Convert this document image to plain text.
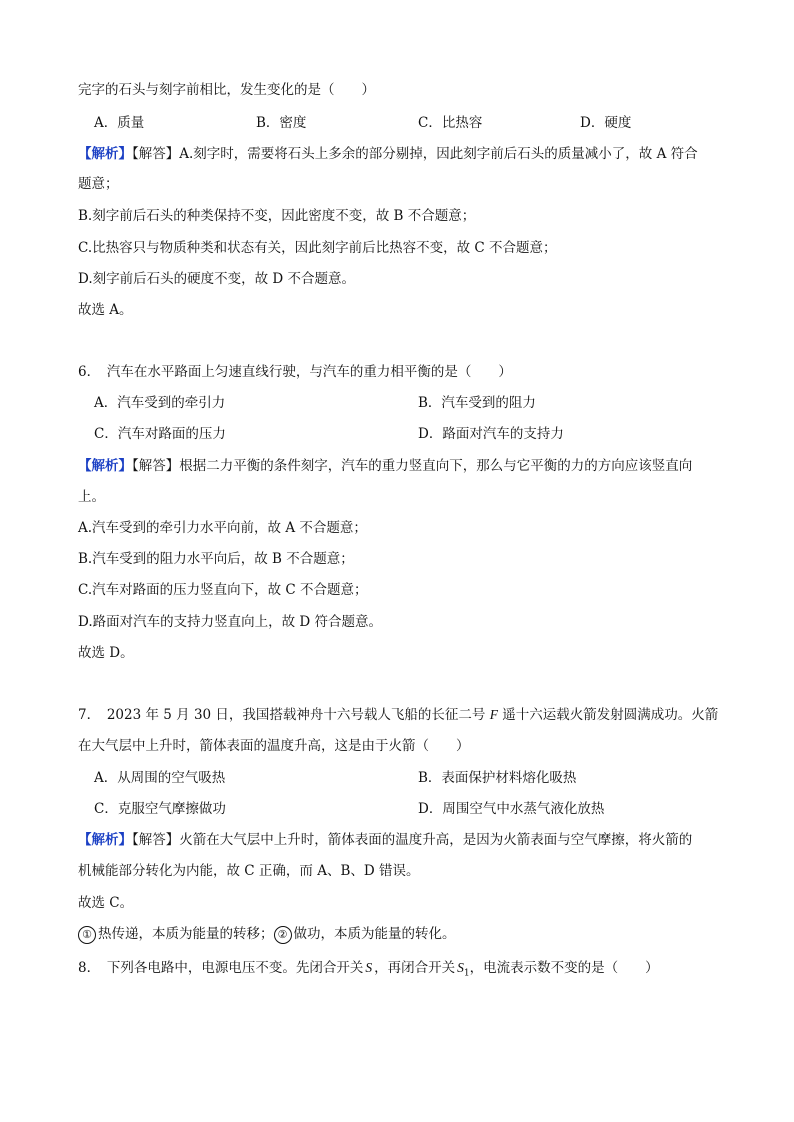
完字的石头与刻字前相比，发生变化的是（　　）
A．质量	B．密度	C．比热容	D．硬度
【解析】【解答】A.刻字时，需要将石头上多余的部分剔掉，因此刻字前后石头的质量减小了，故 A 符合
题意；
B.刻字前后石头的种类保持不变，因此密度不变，故 B 不合题意；
C.比热容只与物质种类和状态有关，因此刻字前后比热容不变，故 C 不合题意；
D.刻字前后石头的硬度不变，故 D 不合题意。
故选 A。
6．　汽车在水平路面上匀速直线行驶，与汽车的重力相平衡的是（　　）
A．汽车受到的牵引力	B．汽车受到的阻力
C．汽车对路面的压力	D．路面对汽车的支持力
【解析】【解答】根据二力平衡的条件刻字，汽车的重力竖直向下，那么与它平衡的力的方向应该竖直向
上。
A.汽车受到的牵引力水平向前，故 A 不合题意；
B.汽车受到的阻力水平向后，故 B 不合题意；
C.汽车对路面的压力竖直向下，故 C 不合题意；
D.路面对汽车的支持力竖直向上，故 D 符合题意。
故选 D。
7．　2023 年 5 月 30 日，我国搭载神舟十六号载人飞船的长征二号 F 遥十六运载火箭发射圆满成功。火箭
在大气层中上升时，箭体表面的温度升高，这是由于火箭（　　）
A．从周围的空气吸热	B．表面保护材料熔化吸热
C．克服空气摩擦做功	D．周围空气中水蒸气液化放热
【解析】【解答】火箭在大气层中上升时，箭体表面的温度升高，是因为火箭表面与空气摩擦，将火箭的
机械能部分转化为内能，故 C 正确，而 A、B、D 错误。
故选 C。
① 热传递，本质为能量的转移； ② 做功，本质为能量的转化。
8．　下列各电路中，电源电压不变。先闭合开关 S ，再闭合开关 $S_1$，电流表示数不变的是（　　）
